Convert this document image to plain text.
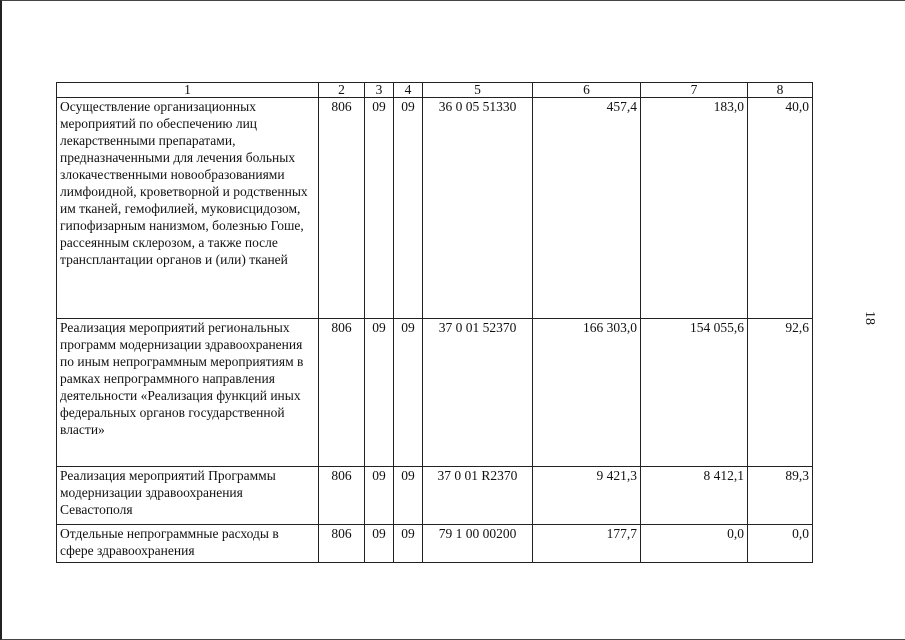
1	2	3	4	5	6	7	8
Осуществление организационных мероприятий по обеспечению лиц лекарственными препаратами, предназначенными для лечения больных злокачественными новообразованиями лимфоидной, кроветворной и родственных им тканей, гемофилией, муковисцидозом, гипофизарным нанизмом, болезнью Гоше, рассеянным склерозом, а также после трансплантации органов и (или) тканей	806	09	09	36 0 05 51330	457,4	183,0	40,0
Реализация мероприятий региональных программ модернизации здравоохранения по иным непрограммным мероприятиям в рамках непрограммного направления деятельности «Реализация функций иных федеральных органов государственной власти»	806	09	09	37 0 01 52370	166 303,0	154 055,6	92,6
Реализация мероприятий Программы модернизации здравоохранения Севастополя	806	09	09	37 0 01 R2370	9 421,3	8 412,1	89,3
Отдельные непрограммные расходы в сфере здравоохранения	806	09	09	79 1 00 00200	177,7	0,0	0,0
18
